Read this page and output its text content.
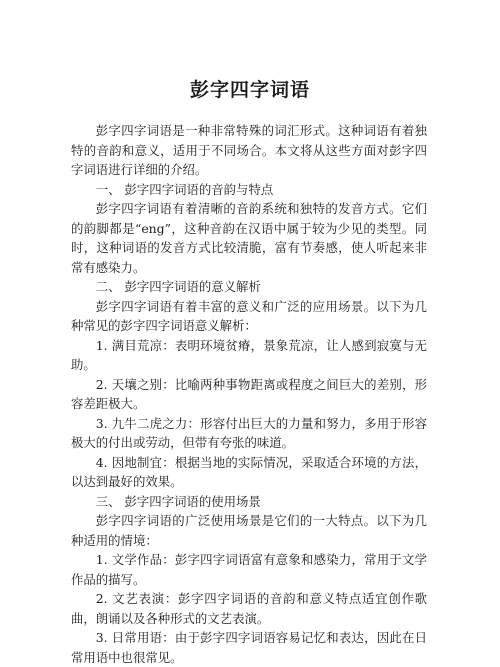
彭字四字词语

彭字四字词语是一种非常特殊的词汇形式。这种词语有着独特的音韵和意义，适用于不同场合。本文将从这些方面对彭字四字词语进行详细的介绍。

一、 彭字四字词语的音韵与特点

彭字四字词语有着清晰的音韵系统和独特的发音方式。它们的韵脚都是“eng”，这种音韵在汉语中属于较为少见的类型。同时，这种词语的发音方式比较清脆，富有节奏感，使人听起来非常有感染力。

二、 彭字四字词语的意义解析

彭字四字词语有着丰富的意义和广泛的应用场景。以下为几种常见的彭字四字词语意义解析：

1. 满目荒凉：表明环境贫瘠，景象荒凉，让人感到寂寞与无助。

2. 天壤之别：比喻两种事物距离或程度之间巨大的差别，形容差距极大。

3. 九牛二虎之力：形容付出巨大的力量和努力，多用于形容极大的付出或劳动，但带有夸张的味道。

4. 因地制宜：根据当地的实际情况，采取适合环境的方法，以达到最好的效果。

三、 彭字四字词语的使用场景

彭字四字词语的广泛使用场景是它们的一大特点。以下为几种适用的情境：

1. 文学作品：彭字四字词语富有意象和感染力，常用于文学作品的描写。

2. 文艺表演：彭字四字词语的音韵和意义特点适宜创作歌曲，朗诵以及各种形式的文艺表演。

3. 日常用语：由于彭字四字词语容易记忆和表达，因此在日常用语中也很常见。
